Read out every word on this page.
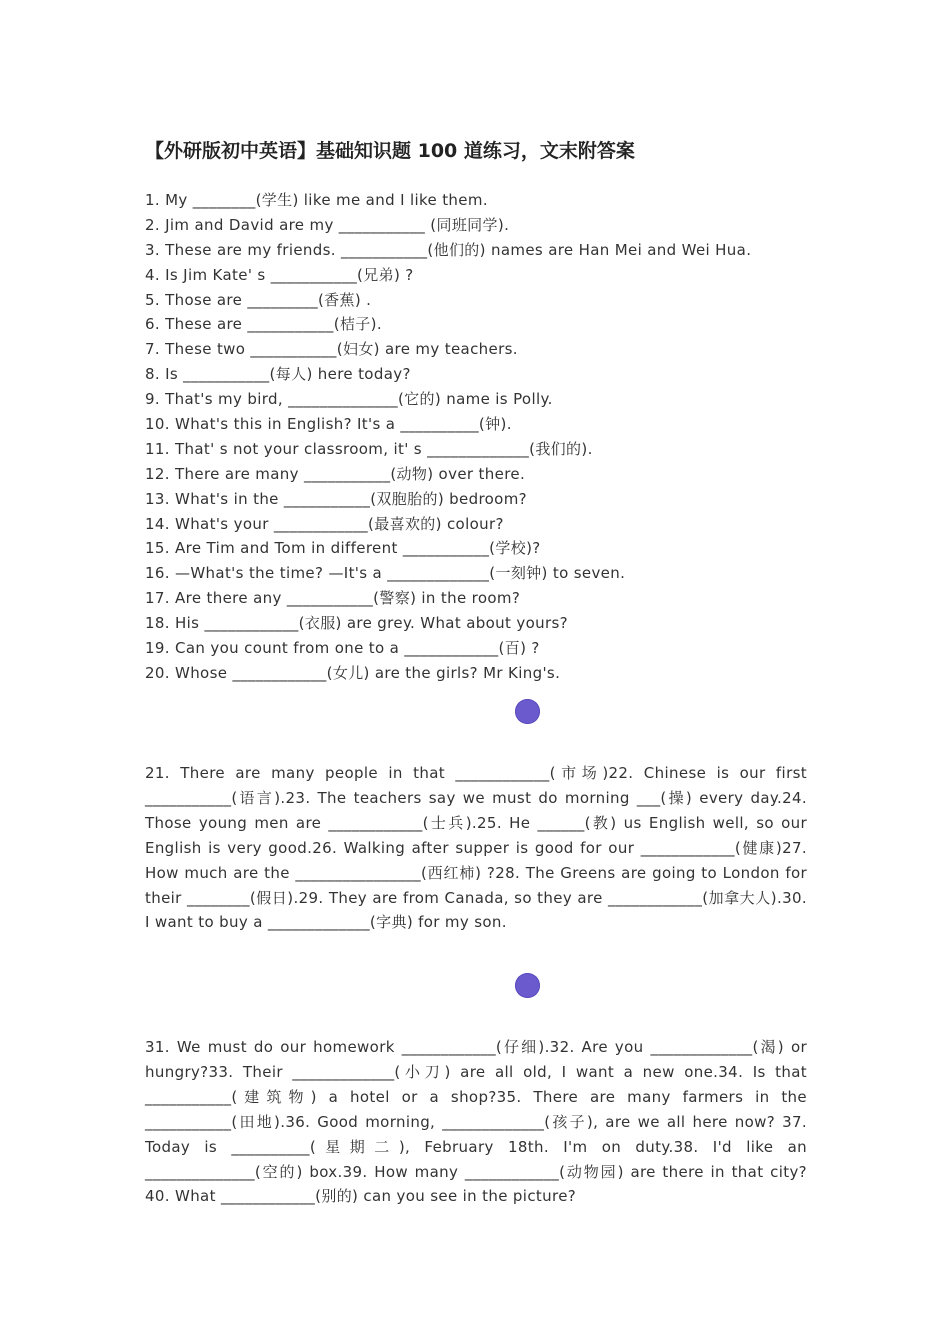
【外研版初中英语】基础知识题 100 道练习，文末附答案
1. My ________(学生) like me and I like them.
2. Jim and David are my ___________ (同班同学).
3. These are my friends. ___________(他们的) names are Han Mei and Wei Hua.
4. Is Jim Kate' s ___________(兄弟) ?
5. Those are _________(香蕉) .
6. These are ___________(桔子).
7. These two ___________(妇女) are my teachers.
8. Is ___________(每人) here today?
9. That's my bird, ______________(它的) name is Polly.
10. What's this in English? It's a __________(钟).
11. That' s not your classroom, it' s _____________(我们的).
12. There are many ___________(动物) over there.
13. What's in the ___________(双胞胎的) bedroom?
14. What's your ____________(最喜欢的) colour?
15. Are Tim and Tom in different ___________(学校)?
16. —What's the time? —It's a _____________(一刻钟) to seven.
17. Are there any ___________(警察) in the room?
18. His ____________(衣服) are grey. What about yours?
19. Can you count from one to a ____________(百) ?
20. Whose ____________(女儿) are the girls? Mr King's.

21. There are many people in that ____________(市场)22. Chinese is our first ___________(语言).23. The teachers say we must do morning ___(操) every day.24. Those young men are ____________(士兵).25. He ______(教) us English well, so our English is very good.26. Walking after supper is good for our ____________(健康)27. How much are the ________________(西红柿) ?28. The Greens are going to London for their ________(假日).29. They are from Canada, so they are ____________(加拿大人).30. I want to buy a _____________(字典) for my son.

31. We must do our homework ____________(仔细).32. Are you _____________(渴) or hungry?33. Their _____________(小刀) are all old, I want a new one.34. Is that ___________(建筑物) a hotel or a shop?35. There are many farmers in the ___________(田地).36. Good morning, _____________(孩子), are we all here now? 37. Today is __________(星期二), February 18th. I'm on duty.38. I'd like an ______________(空的) box.39. How many ____________(动物园) are there in that city?40. What ____________(别的) can you see in the picture?
